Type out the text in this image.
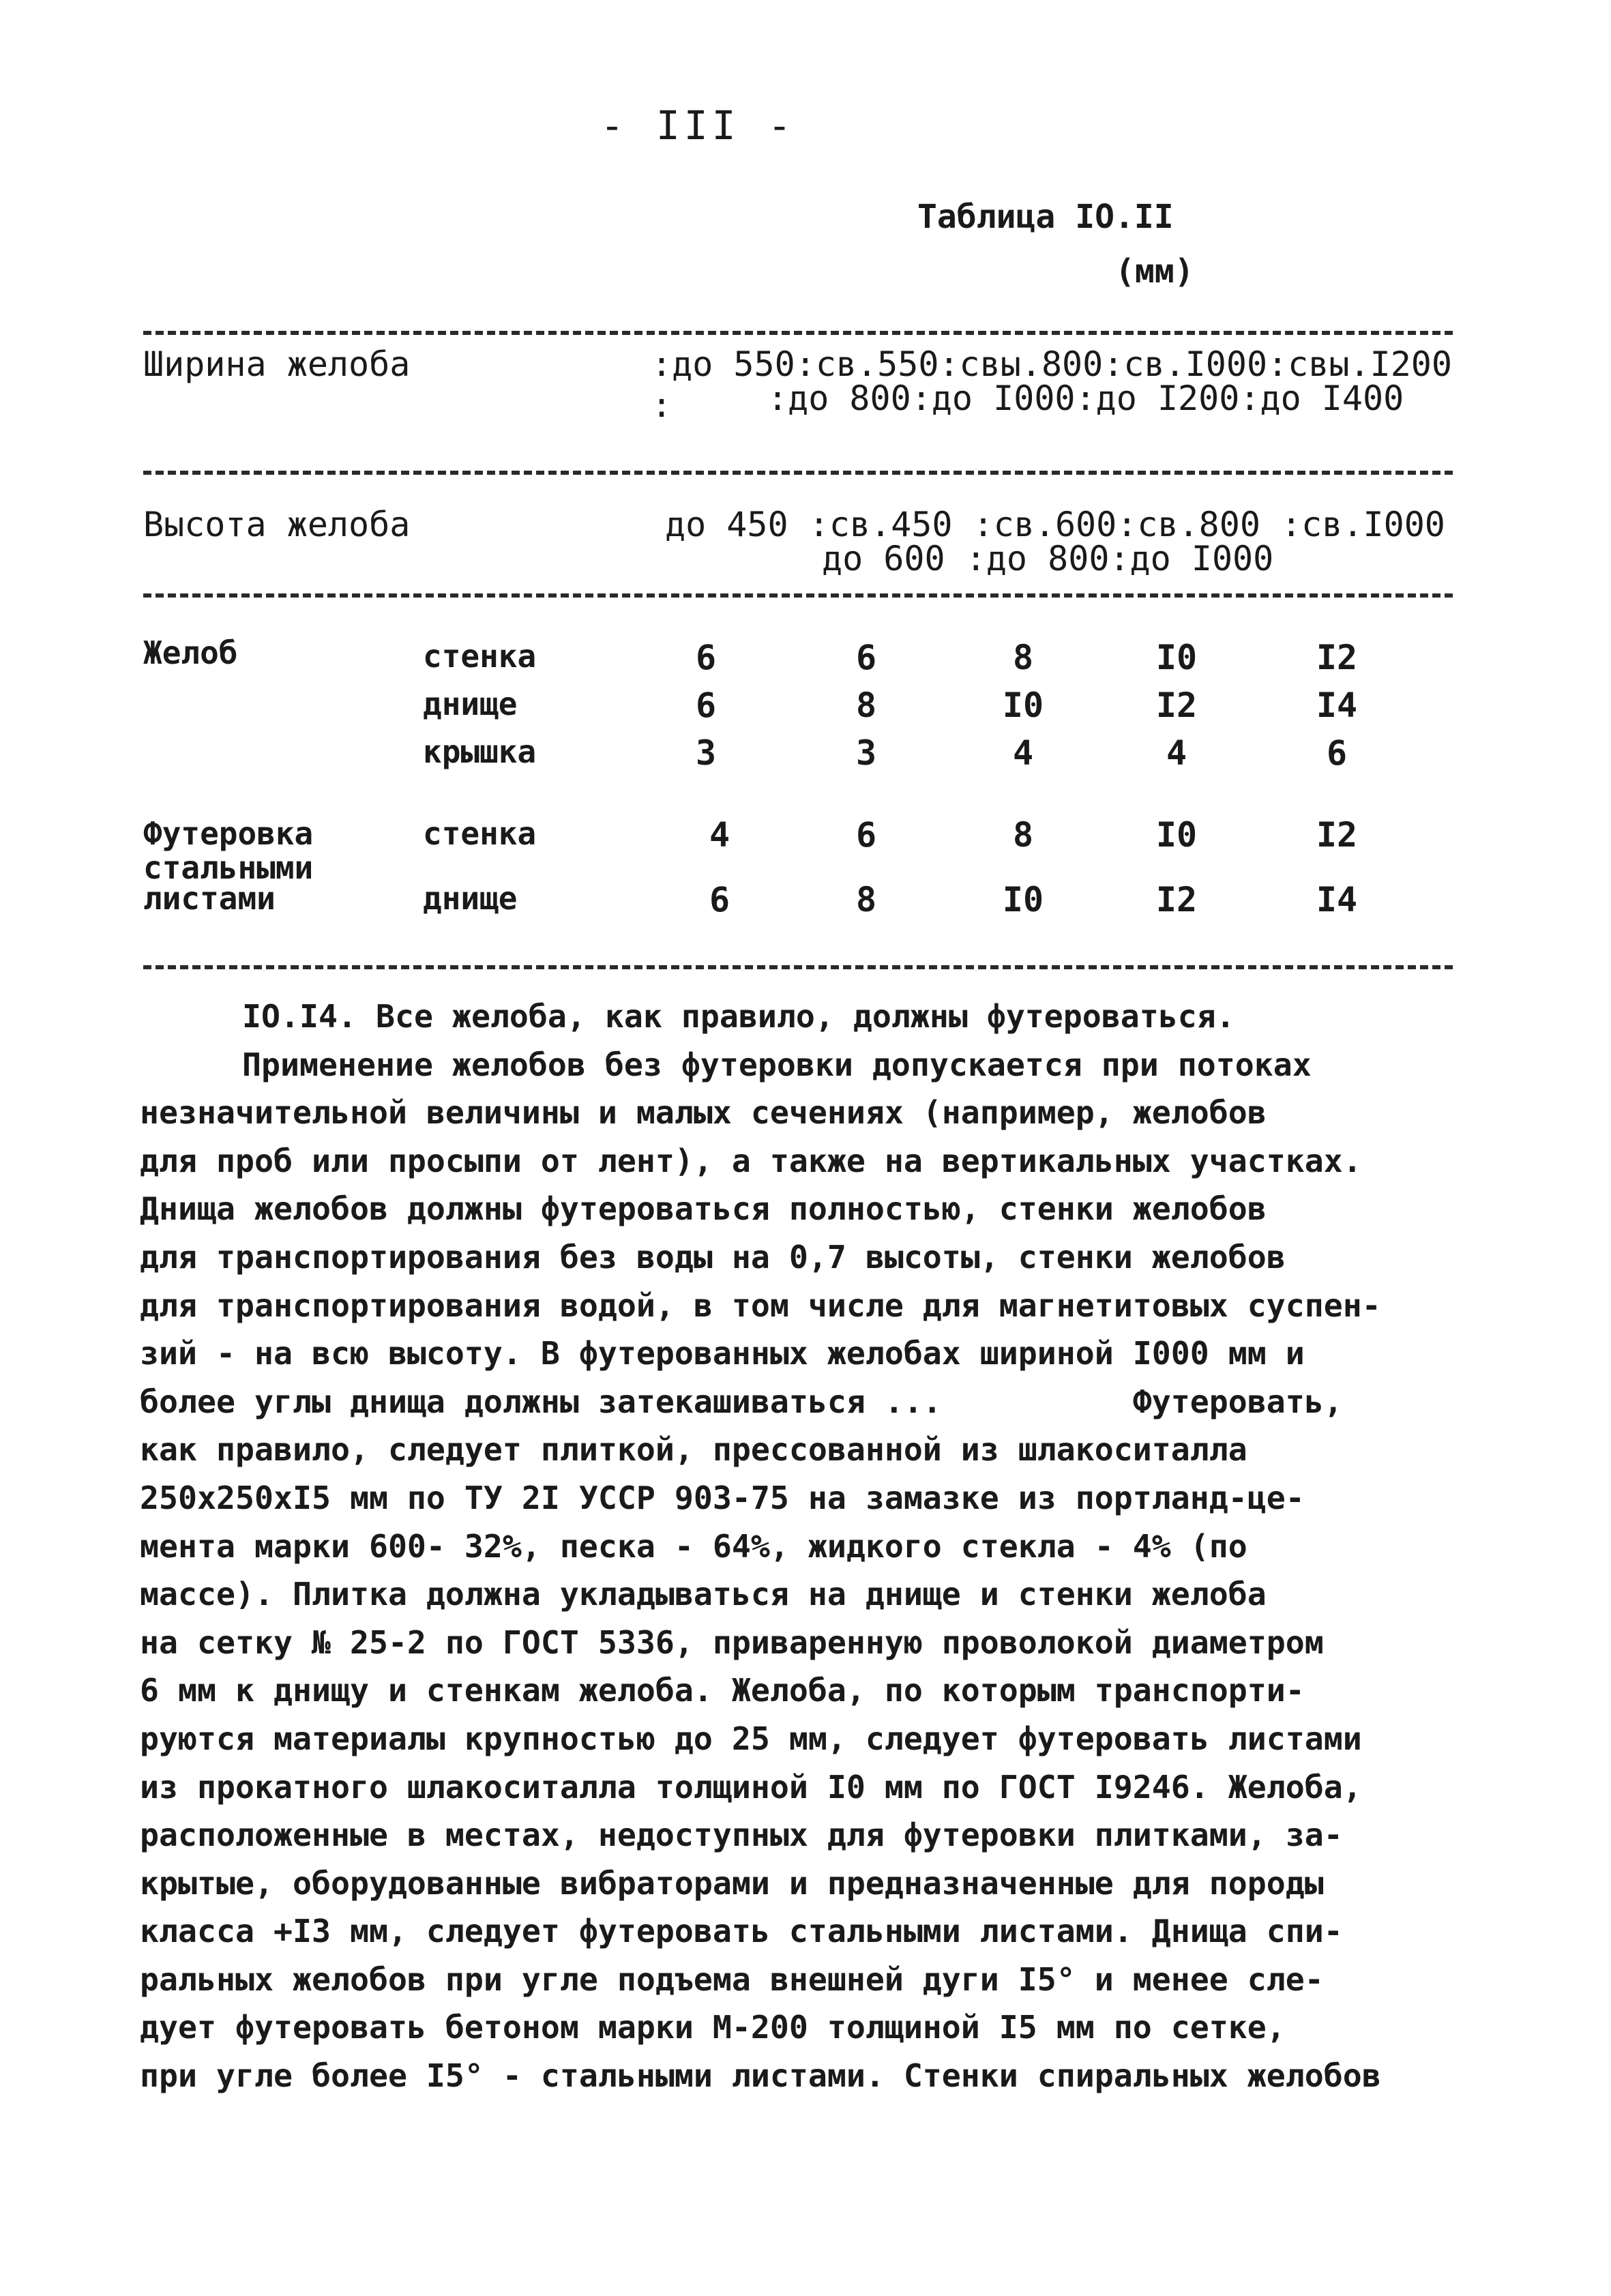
- III -
Таблица IO.II
(мм)
Ширина желоба	:до 550:св.550:свы.800:св.I000:свы.I200
:	:до 800:до I000:до I200:до I400
Высота желоба	до 450 :св.450 :св.600:св.800 :св.I000
до 600 :до 800:до I000
Желоб	стенка	6	6	8	I0	I2
днище	6	8	I0	I2	I4
крышка	3	3	4	4	6
Футеровка	стенка	4	6	8	I0	I2
стальными
листами	днище	6	8	I0	I2	I4
IO.I4. Все желоба, как правило, должны футероваться.
Применение желобов без футеровки допускается при потоках
незначительной величины и малых сечениях (например, желобов
для проб или просыпи от лент), а также на вертикальных участках.
Днища желобов должны футероваться полностью, стенки желобов
для транспортирования без воды на 0,7 высоты, стенки желобов
для транспортирования водой, в том числе для магнетитовых суспен-
зий - на всю высоту. В футерованных желобах шириной I000 мм и
более углы днища должны затекашиваться ...          Футеровать,
как правило, следует плиткой, прессованной из шлакоситалла
250x250xI5 мм по ТУ 2I УССР 903-75 на замазке из портланд-це-
мента марки 600- 32%, песка - 64%, жидкого стекла - 4% (по
массе). Плитка должна укладываться на днище и стенки желоба
на сетку № 25-2 по ГОСТ 5336, приваренную проволокой диаметром
6 мм к днищу и стенкам желоба. Желоба, по которым транспорти-
руются материалы крупностью до 25 мм, следует футеровать листами
из прокатного шлакоситалла толщиной I0 мм по ГОСТ I9246. Желоба,
расположенные в местах, недоступных для футеровки плитками, за-
крытые, оборудованные вибраторами и предназначенные для породы
класса +I3 мм, следует футеровать стальными листами. Днища спи-
ральных желобов при угле подъема внешней дуги I5° и менее сле-
дует футеровать бетоном марки М-200 толщиной I5 мм по сетке,
при угле более I5° - стальными листами. Стенки спиральных желобов
